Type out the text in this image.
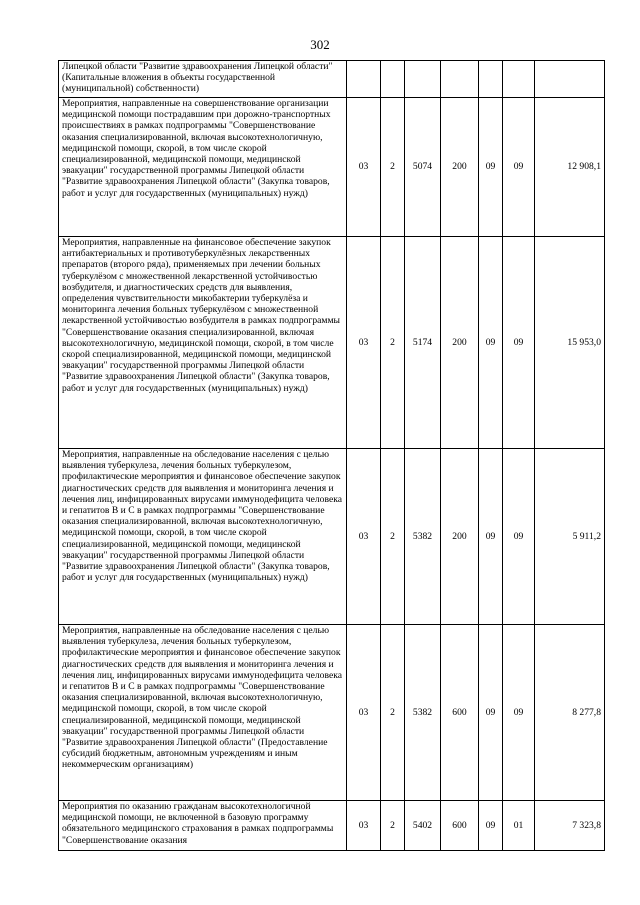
302
Липецкой области "Развитие здравоохранения Липецкой области" (Капитальные вложения в объекты государственной (муниципальной) собственности)							
Мероприятия, направленные на совершенствование организации медицинской помощи пострадавшим при дорожно-транспортных происшествиях в рамках подпрограммы "Совершенствование оказания специализированной, включая высокотехнологичную, медицинской помощи, скорой, в том числе скорой специализированной, медицинской помощи, медицинской эвакуации" государственной программы Липецкой области "Развитие здравоохранения Липецкой области" (Закупка товаров, работ и услуг для государственных (муниципальных) нужд)	03	2	5074	200	09	09	12 908,1
Мероприятия, направленные на финансовое обеспечение закупок антибактериальных и противотуберкулёзных лекарственных препаратов (второго ряда), применяемых при лечении больных туберкулёзом с множественной лекарственной устойчивостью возбудителя, и диагностических средств для выявления, определения чувствительности микобактерии туберкулёза и мониторинга лечения больных туберкулёзом с множественной лекарственной устойчивостью возбудителя в рамках подпрограммы "Совершенствование оказания специализированной, включая высокотехнологичную, медицинской помощи, скорой, в том числе скорой специализированной, медицинской помощи, медицинской эвакуации" государственной программы Липецкой области "Развитие здравоохранения Липецкой области" (Закупка товаров, работ и услуг для государственных (муниципальных) нужд)	03	2	5174	200	09	09	15 953,0
Мероприятия, направленные на обследование населения с целью выявления туберкулеза, лечения больных туберкулезом, профилактические мероприятия и финансовое обеспечение закупок диагностических средств для выявления и мониторинга лечения и лечения лиц, инфицированных вирусами иммунодефицита человека и гепатитов В и С в рамках подпрограммы "Совершенствование оказания специализированной, включая высокотехнологичную, медицинской помощи, скорой, в том числе скорой специализированной, медицинской помощи, медицинской эвакуации" государственной программы Липецкой области "Развитие здравоохранения Липецкой области" (Закупка товаров, работ и услуг для государственных (муниципальных) нужд)	03	2	5382	200	09	09	5 911,2
Мероприятия, направленные на обследование населения с целью выявления туберкулеза, лечения больных туберкулезом, профилактические мероприятия и финансовое обеспечение закупок диагностических средств для выявления и мониторинга лечения и лечения лиц, инфицированных вирусами иммунодефицита человека и гепатитов В и С в рамках подпрограммы "Совершенствование оказания специализированной, включая высокотехнологичную, медицинской помощи, скорой, в том числе скорой специализированной, медицинской помощи, медицинской эвакуации" государственной программы Липецкой области "Развитие здравоохранения Липецкой области" (Предоставление субсидий бюджетным, автономным учреждениям и иным некоммерческим организациям)	03	2	5382	600	09	09	8 277,8
Мероприятия по оказанию гражданам высокотехнологичной медицинской помощи, не включенной в базовую программу обязательного медицинского страхования в рамках подпрограммы "Совершенствование оказания	03	2	5402	600	09	01	7 323,8
